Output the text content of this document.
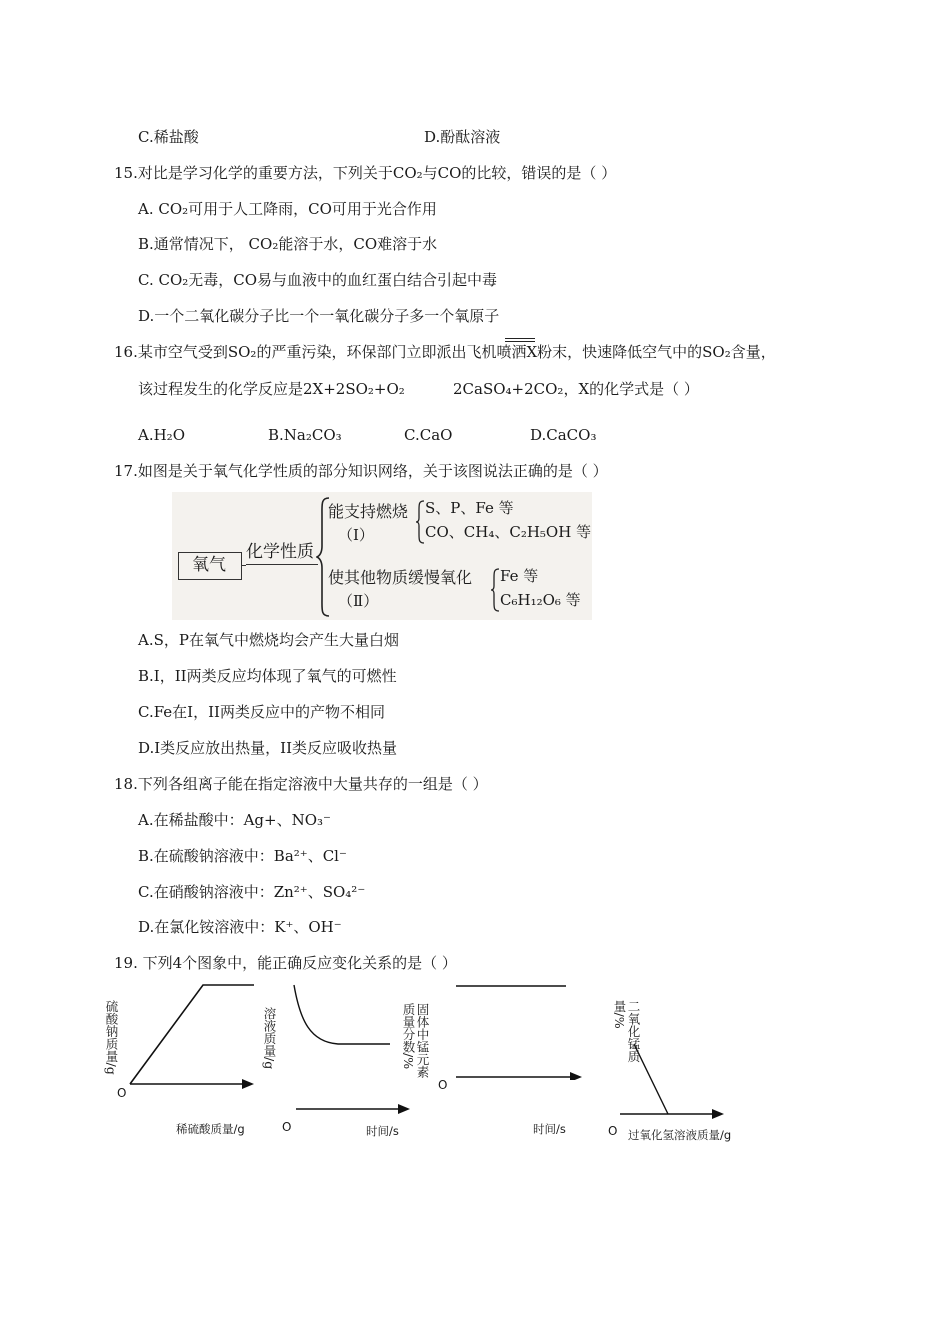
C.稀盐酸	D.酚酞溶液
15.对比是学习化学的重要方法，下列关于CO₂与CO的比较，错误的是（ ）
A. CO₂可用于人工降雨，CO可用于光合作用
B.通常情况下， CO₂能溶于水，CO难溶于水
C. CO₂无毒，CO易与血液中的血红蛋白结合引起中毒
D.一个二氧化碳分子比一个一氧化碳分子多一个氧原子
16.某市空气受到SO₂的严重污染，环保部门立即派出飞机喷洒X粉末，快速降低空气中的SO₂含量，
该过程发生的化学反应是2X+2SO₂+O₂	2CaSO₄+2CO₂，X的化学式是（ ）
A.H₂O	B.Na₂CO₃	C.CaO	D.CaCO₃
17.如图是关于氧气化学性质的部分知识网络，关于该图说法正确的是（ ）
氧气
化学性质
能支持燃烧
（Ⅰ）
S、P、Fe 等
CO、CH₄、C₂H₅OH 等
使其他物质缓慢氧化
（Ⅱ）
Fe 等
C₆H₁₂O₆ 等
A.S，P在氧气中燃烧均会产生大量白烟
B.I，II两类反应均体现了氧气的可燃性
C.Fe在I，II两类反应中的产物不相同
D.I类反应放出热量，II类反应吸收热量
18.下列各组离子能在指定溶液中大量共存的一组是（ ）
A.在稀盐酸中：Ag+、NO₃⁻
B.在硫酸钠溶液中：Ba²⁺、Cl⁻
C.在硝酸钠溶液中：Zn²⁺、SO₄²⁻
D.在氯化铵溶液中：K⁺、OH⁻
19. 下列4个图象中，能正确反应变化关系的是（ ）
硫酸钠质量/g
O
稀硫酸质量/g
溶液质量/g
O	时间/s
固体中锰元素质量分数/%
O
时间/s
二氧化锰质量/%
O 过氧化氢溶液质量/g
